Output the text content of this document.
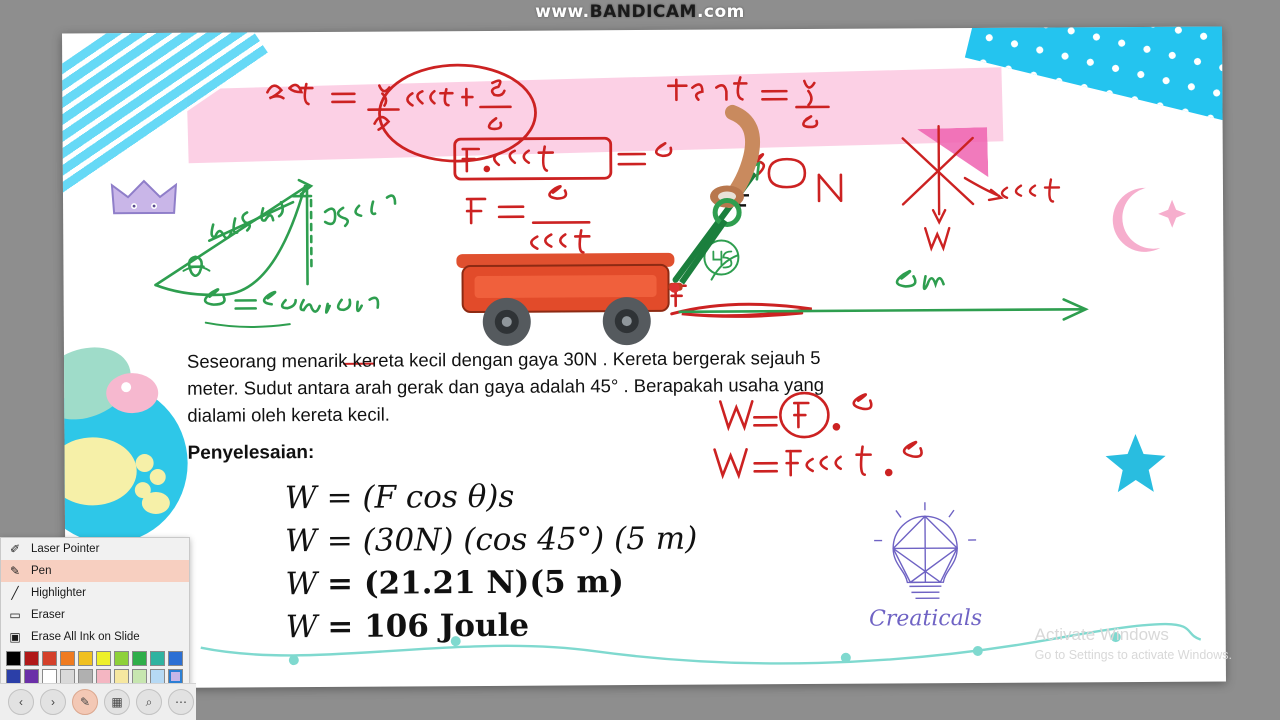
www.BANDICAM.com
Seseorang menarik kereta kecil dengan gaya 30N . Kereta bergerak sejauh 5 meter. Sudut antara arah gerak dan gaya adalah 45° . Berapakah usaha yang dialami oleh kereta kecil.
Penyelesaian:
W = (F cos θ)s
W = (30N) (cos 45°) (5 m)
W = (21.21 N)(5 m)
W = 106 Joule	Creaticals
Activate Windows
Go to Settings to activate Windows.
✐ Laser Pointer
✎ Pen
╱	Highlighter
▭ Eraser
▣ Erase All Ink on Slide
‹	›	✎	▦	⌕	⋯
